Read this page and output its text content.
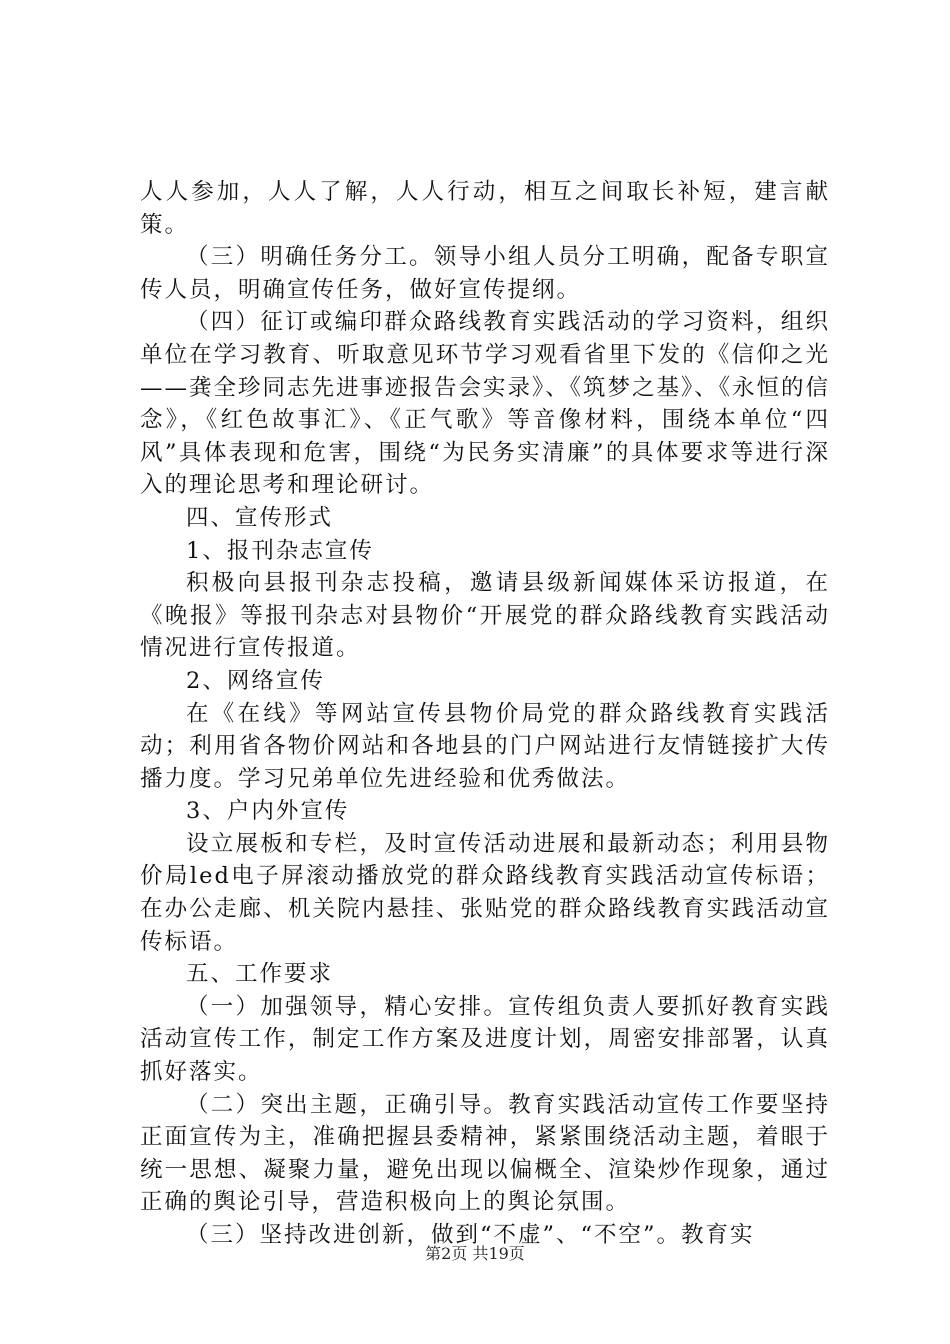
人人参加，人人了解，人人行动，相互之间取长补短，建言献策。

（三）明确任务分工。领导小组人员分工明确，配备专职宣传人员，明确宣传任务，做好宣传提纲。

（四）征订或编印群众路线教育实践活动的学习资料，组织单位在学习教育、听取意见环节学习观看省里下发的《信仰之光——龚全珍同志先进事迹报告会实录》、《筑梦之基》、《永恒的信念》，《红色故事汇》、《正气歌》等音像材料，围绕本单位“四风”具体表现和危害，围绕“为民务实清廉”的具体要求等进行深入的理论思考和理论研讨。

四、宣传形式

1、报刊杂志宣传

积极向县报刊杂志投稿，邀请县级新闻媒体采访报道，在《晚报》等报刊杂志对县物价“开展党的群众路线教育实践活动情况进行宣传报道。

2、网络宣传

在《在线》等网站宣传县物价局党的群众路线教育实践活动；利用省各物价网站和各地县的门户网站进行友情链接扩大传播力度。学习兄弟单位先进经验和优秀做法。

3、户内外宣传

设立展板和专栏，及时宣传活动进展和最新动态；利用县物价局led电子屏滚动播放党的群众路线教育实践活动宣传标语；在办公走廊、机关院内悬挂、张贴党的群众路线教育实践活动宣传标语。

五、工作要求

（一）加强领导，精心安排。宣传组负责人要抓好教育实践活动宣传工作，制定工作方案及进度计划，周密安排部署，认真抓好落实。

（二）突出主题，正确引导。教育实践活动宣传工作要坚持正面宣传为主，准确把握县委精神，紧紧围绕活动主题，着眼于统一思想、凝聚力量，避免出现以偏概全、渲染炒作现象，通过正确的舆论引导，营造积极向上的舆论氛围。

（三）坚持改进创新，做到“不虚”、“不空”。教育实

第2页 共19页
